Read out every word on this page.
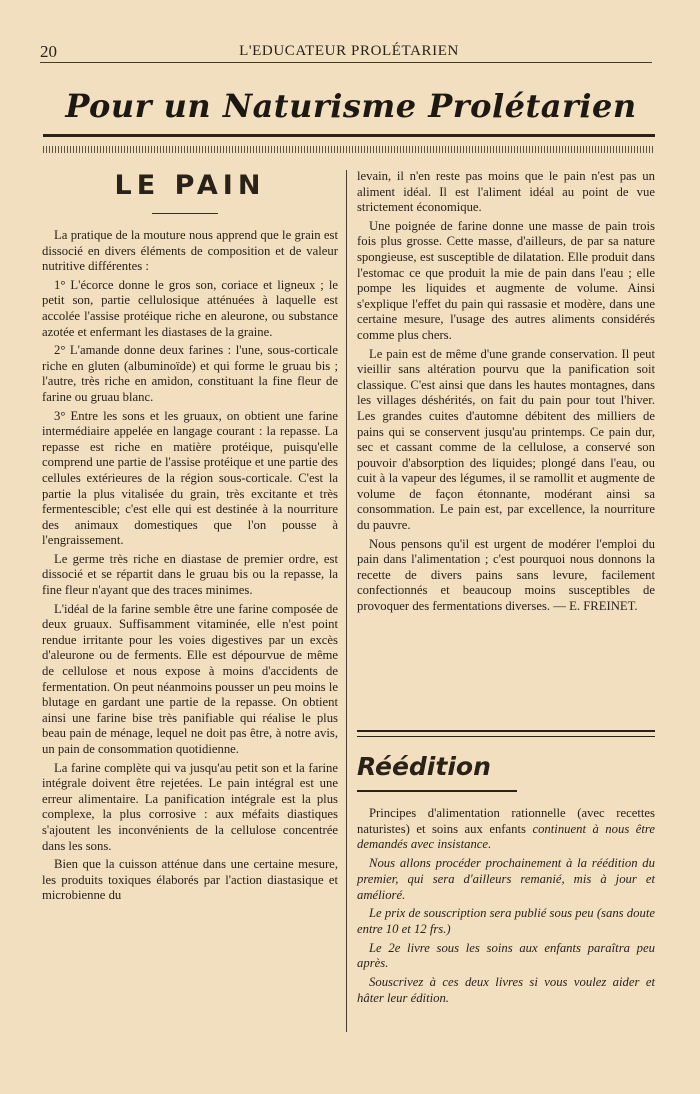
20	L'EDUCATEUR PROLÉTARIEN
Pour un Naturisme Prolétarien
LE PAIN

La pratique de la mouture nous apprend que le grain est dissocié en divers éléments de composition et de valeur nutritive différentes :

1° L'écorce donne le gros son, coriace et ligneux ; le petit son, partie cellulosique atténuées à laquelle est accolée l'assise protéique riche en aleurone, ou substance azotée et enfermant les diastases de la graine.

2° L'amande donne deux farines : l'une, sous-corticale riche en gluten (albuminoïde) et qui forme le gruau bis ; l'autre, très riche en amidon, constituant la fine fleur de farine ou gruau blanc.

3° Entre les sons et les gruaux, on obtient une farine intermédiaire appelée en langage courant : la repasse. La repasse est riche en matière protéique, puisqu'elle comprend une partie de l'assise protéique et une partie des cellules extérieures de la région sous-corticale. C'est la partie la plus vitalisée du grain, très excitante et très fermentescible; c'est elle qui est destinée à la nourriture des animaux domestiques que l'on pousse à l'engraissement.

Le germe très riche en diastase de premier ordre, est dissocié et se répartit dans le gruau bis ou la repasse, la fine fleur n'ayant que des traces minimes.

L'idéal de la farine semble être une farine composée de deux gruaux. Suffisamment vitaminée, elle n'est point rendue irritante pour les voies digestives par un excès d'aleurone ou de ferments. Elle est dépourvue de même de cellulose et nous expose à moins d'accidents de fermentation. On peut néanmoins pousser un peu moins le blutage en gardant une partie de la repasse. On obtient ainsi une farine bise très panifiable qui réalise le plus beau pain de ménage, lequel ne doit pas être, à notre avis, un pain de consommation quotidienne.

La farine complète qui va jusqu'au petit son et la farine intégrale doivent être rejetées. Le pain intégral est une erreur alimentaire. La panification intégrale est la plus complexe, la plus corrosive : aux méfaits diastiques s'ajoutent les inconvénients de la cellulose concentrée dans les sons.

Bien que la cuisson atténue dans une certaine mesure, les produits toxiques élaborés par l'action diastasique et microbienne du

levain, il n'en reste pas moins que le pain n'est pas un aliment idéal. Il est l'aliment idéal au point de vue strictement économique.

Une poignée de farine donne une masse de pain trois fois plus grosse. Cette masse, d'ailleurs, de par sa nature spongieuse, est susceptible de dilatation. Elle produit dans l'estomac ce que produit la mie de pain dans l'eau ; elle pompe les liquides et augmente de volume. Ainsi s'explique l'effet du pain qui rassasie et modère, dans une certaine mesure, l'usage des autres aliments considérés comme plus chers.

Le pain est de même d'une grande conservation. Il peut vieillir sans altération pourvu que la panification soit classique. C'est ainsi que dans les hautes montagnes, dans les villages déshérités, on fait du pain pour tout l'hiver. Les grandes cuites d'automne débitent des milliers de pains qui se conservent jusqu'au printemps. Ce pain dur, sec et cassant comme de la cellulose, a conservé son pouvoir d'absorption des liquides; plongé dans l'eau, ou cuit à la vapeur des légumes, il se ramollit et augmente de volume de façon étonnante, modérant ainsi sa consommation. Le pain est, par excellence, la nourriture du pauvre.

Nous pensons qu'il est urgent de modérer l'emploi du pain dans l'alimentation ; c'est pourquoi nous donnons la recette de divers pains sans levure, facilement confectionnés et beaucoup moins susceptibles de provoquer des fermentations diverses. — E. FREINET.

Réédition

Principes d'alimentation rationnelle (avec recettes naturistes) et soins aux enfants continuent à nous être demandés avec insistance.

Nous allons procéder prochainement à la réédition du premier, qui sera d'ailleurs remanié, mis à jour et amélioré.

Le prix de souscription sera publié sous peu (sans doute entre 10 et 12 frs.)

Le 2e livre sous les soins aux enfants paraîtra peu après.

Souscrivez à ces deux livres si vous voulez aider et hâter leur édition.
